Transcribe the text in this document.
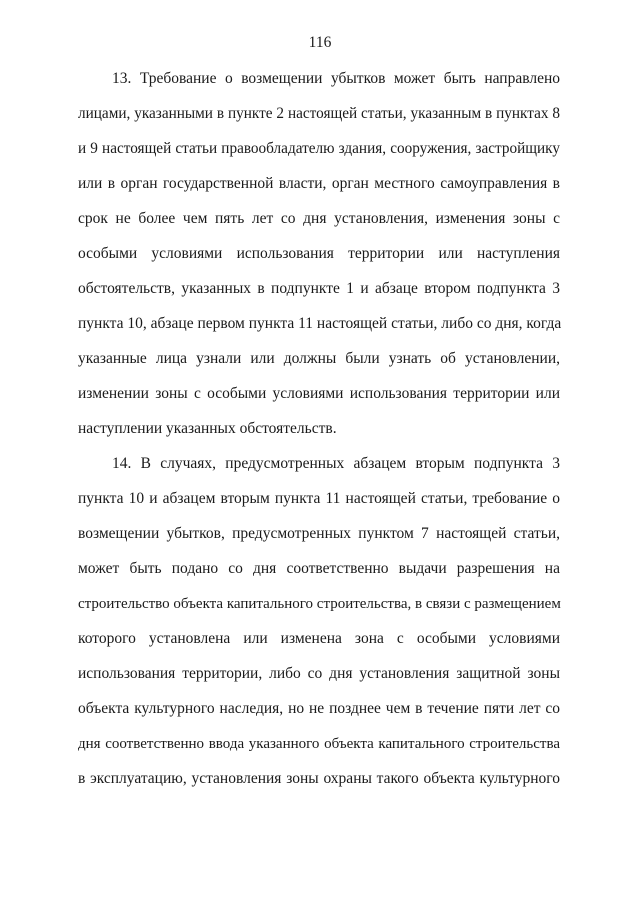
116
13. Требование о возмещении убытков может быть направлено
лицами, указанными в пункте 2 настоящей статьи, указанным в пунктах 8
и 9 настоящей статьи правообладателю здания, сооружения, застройщику
или в орган государственной власти, орган местного самоуправления в
срок не более чем пять лет со дня установления, изменения зоны с
особыми условиями использования территории или наступления
обстоятельств, указанных в подпункте 1 и абзаце втором подпункта 3
пункта 10, абзаце первом пункта 11 настоящей статьи, либо со дня, когда
указанные лица узнали или должны были узнать об установлении,
изменении зоны с особыми условиями использования территории или
наступлении указанных обстоятельств.
14. В случаях, предусмотренных абзацем вторым подпункта 3
пункта 10 и абзацем вторым пункта 11 настоящей статьи, требование о
возмещении убытков, предусмотренных пунктом 7 настоящей статьи,
может быть подано со дня соответственно выдачи разрешения на
строительство объекта капитального строительства, в связи с размещением
которого установлена или изменена зона с особыми условиями
использования территории, либо со дня установления защитной зоны
объекта культурного наследия, но не позднее чем в течение пяти лет со
дня соответственно ввода указанного объекта капитального строительства
в эксплуатацию, установления зоны охраны такого объекта культурного
